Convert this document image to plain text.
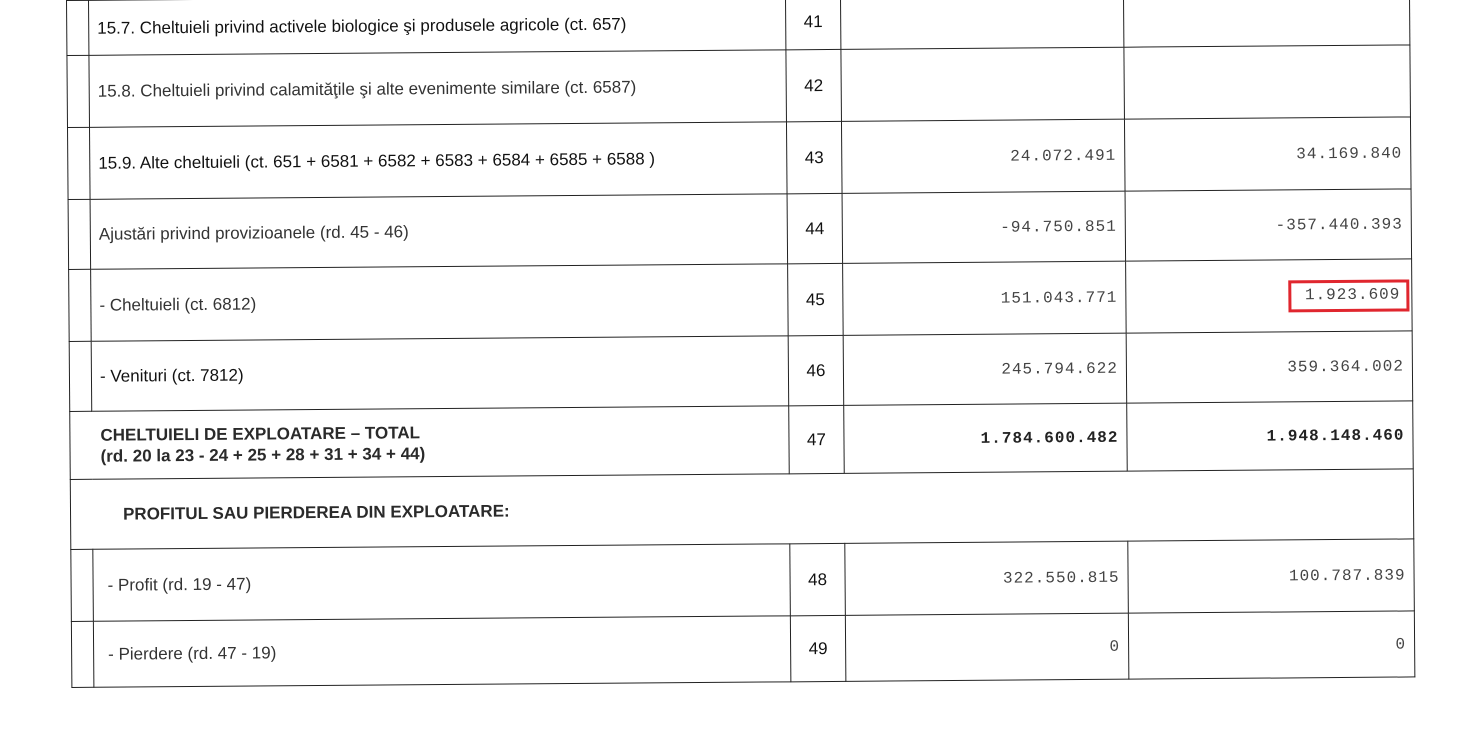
	15.7. Cheltuieli privind activele biologice şi produsele agricole (ct. 657)	41		
	15.8. Cheltuieli privind calamităţile şi alte evenimente similare (ct. 6587)	42		
	15.9. Alte cheltuieli (ct. 651 + 6581 + 6582 + 6583 + 6584 + 6585 + 6588 )	43	24.072.491	34.169.840
	Ajustări privind provizioanele (rd. 45 - 46)	44	-94.750.851	-357.440.393
	- Cheltuieli (ct. 6812)	45	151.043.771	1.923.609
	- Venituri (ct. 7812)	46	245.794.622	359.364.002

CHELTUIELI DE EXPLOATARE – TOTAL
(rd. 20 la 23 - 24 + 25 + 28 + 31 + 34 + 44)		47	1.784.600.482	1.948.148.460
PROFITUL SAU PIERDEREA DIN EXPLOATARE:				
	- Profit (rd. 19 - 47)	48	322.550.815	100.787.839
	- Pierdere (rd. 47 - 19)	49	0	0
